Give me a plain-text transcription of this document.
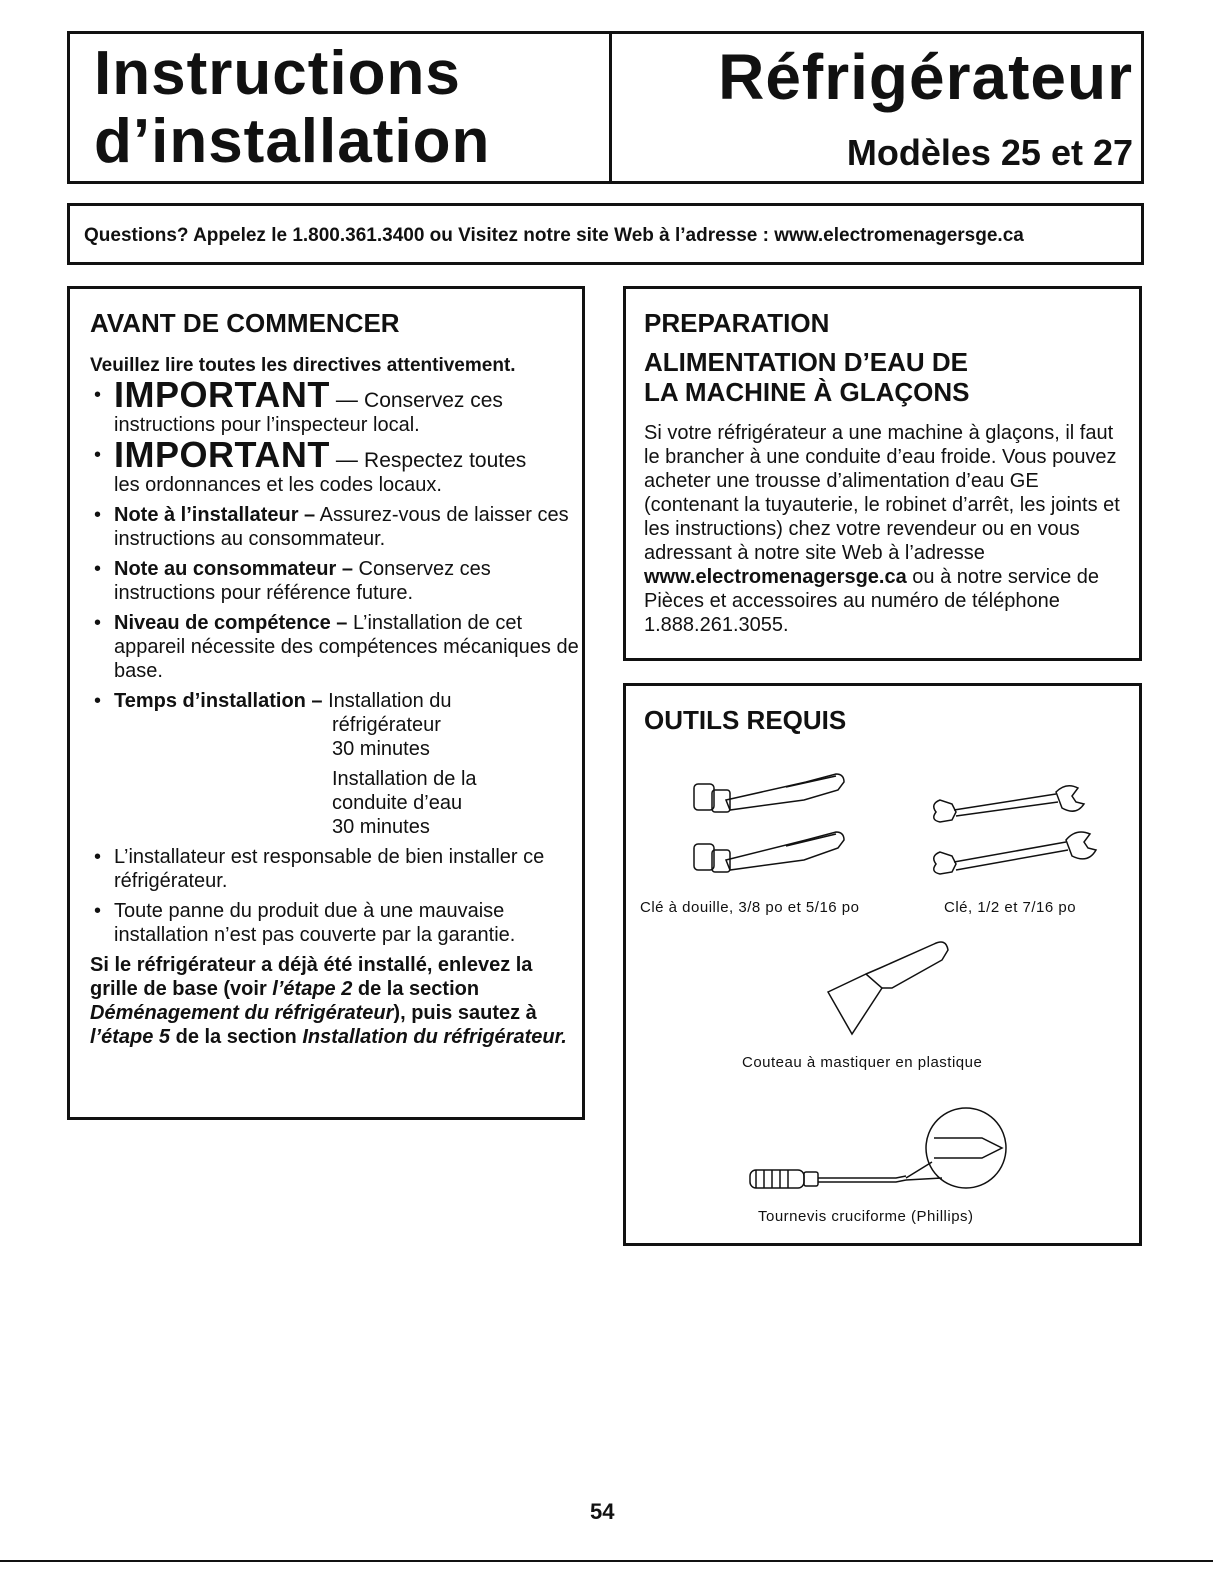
Instructions
d’installation
Réfrigérateur
Modèles 25 et 27
Questions? Appelez le 1.800.361.3400 ou Visitez notre site Web à l’adresse : www.electromenagersge.ca
AVANT DE COMMENCER
Veuillez lire toutes les directives attentivement.
• IMPORTANT — Conservez ces
instructions pour l’inspecteur local.
• IMPORTANT — Respectez toutes
les ordonnances et les codes locaux.
• Note à l’installateur – Assurez-vous de laisser ces instructions au consommateur.
• Note au consommateur – Conservez ces instructions pour référence future.
• Niveau de compétence – L’installation de cet appareil nécessite des compétences mécaniques de base.
• Temps d’installation – Installation du
réfrigérateur
30 minutes
Installation de la
conduite d’eau
30 minutes
• L’installateur est responsable de bien installer ce réfrigérateur.
• Toute panne du produit due à une mauvaise installation n’est pas couverte par la garantie.
Si le réfrigérateur a déjà été installé, enlevez la grille de base (voir l’étape 2 de la section Déménagement du réfrigérateur), puis sautez à l’étape 5 de la section Installation du réfrigérateur.
PREPARATION
ALIMENTATION D’EAU DE
LA MACHINE À GLAÇONS
Si votre réfrigérateur a une machine à glaçons, il faut le brancher à une conduite d’eau froide. Vous pouvez acheter une trousse d’alimentation d’eau GE (contenant la tuyauterie, le robinet d’arrêt, les joints et les instructions) chez votre revendeur ou en vous adressant à notre site Web à l’adresse www.electromenagersge.ca ou à notre service de Pièces et accessoires au numéro de téléphone 1.888.261.3055.
OUTILS REQUIS
Clé à douille, 3/8 po et 5/16 po	Clé, 1/2 et 7/16 po
Couteau à mastiquer en plastique
Tournevis cruciforme (Phillips)
54
